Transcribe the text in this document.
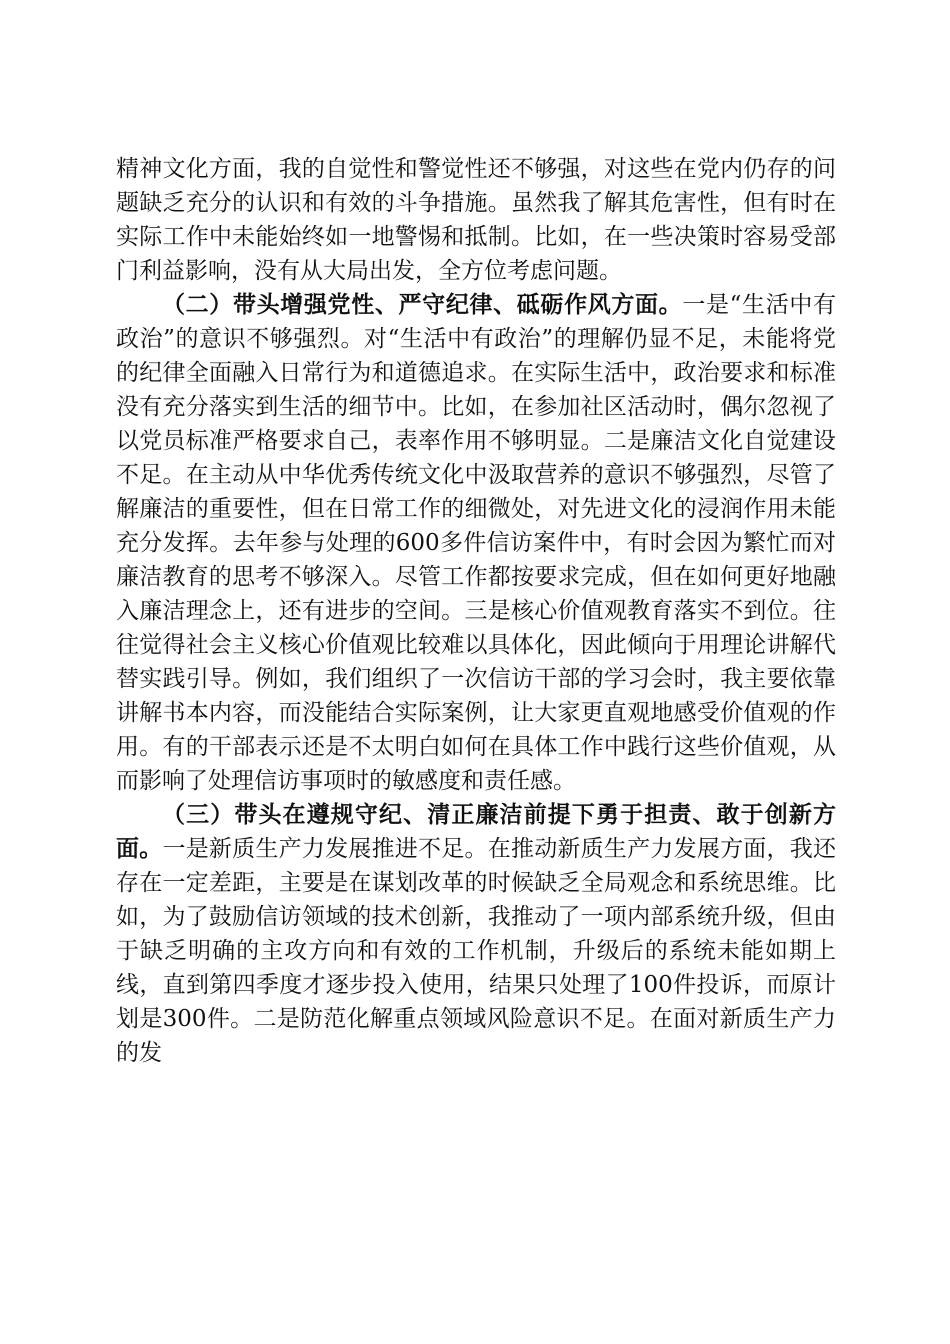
精神文化方面，我的自觉性和警觉性还不够强，对这些在党内仍存的问题缺乏充分的认识和有效的斗争措施。虽然我了解其危害性，但有时在实际工作中未能始终如一地警惕和抵制。比如，在一些决策时容易受部门利益影响，没有从大局出发，全方位考虑问题。

（二）带头增强党性、严守纪律、砥砺作风方面。一是“生活中有政治”的意识不够强烈。对“生活中有政治”的理解仍显不足，未能将党的纪律全面融入日常行为和道德追求。在实际生活中，政治要求和标准没有充分落实到生活的细节中。比如，在参加社区活动时，偶尔忽视了以党员标准严格要求自己，表率作用不够明显。二是廉洁文化自觉建设不足。在主动从中华优秀传统文化中汲取营养的意识不够强烈，尽管了解廉洁的重要性，但在日常工作的细微处，对先进文化的浸润作用未能充分发挥。去年参与处理的600多件信访案件中，有时会因为繁忙而对廉洁教育的思考不够深入。尽管工作都按要求完成，但在如何更好地融入廉洁理念上，还有进步的空间。三是核心价值观教育落实不到位。往往觉得社会主义核心价值观比较难以具体化，因此倾向于用理论讲解代替实践引导。例如，我们组织了一次信访干部的学习会时，我主要依靠讲解书本内容，而没能结合实际案例，让大家更直观地感受价值观的作用。有的干部表示还是不太明白如何在具体工作中践行这些价值观，从而影响了处理信访事项时的敏感度和责任感。

（三）带头在遵规守纪、清正廉洁前提下勇于担责、敢于创新方面。一是新质生产力发展推进不足。在推动新质生产力发展方面，我还存在一定差距，主要是在谋划改革的时候缺乏全局观念和系统思维。比如，为了鼓励信访领域的技术创新，我推动了一项内部系统升级，但由于缺乏明确的主攻方向和有效的工作机制，升级后的系统未能如期上线，直到第四季度才逐步投入使用，结果只处理了100件投诉，而原计划是300件。二是防范化解重点领域风险意识不足。在面对新质生产力的发
